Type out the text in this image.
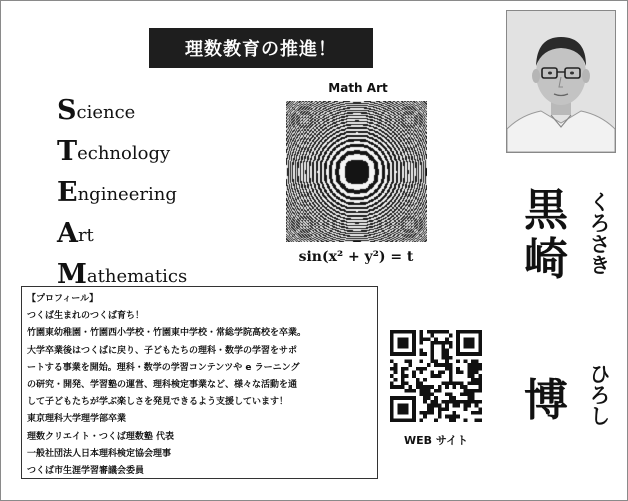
理数教育の推進！
S cience
T echnology
E ngineering
A rt
M athematics
Math Art
sin(x² + y²) = t
黒
崎
博
くろさき
ひろし
【プロフィール】
つくば生まれのつくば育ち！
竹園東幼稚園・竹園西小学校・竹園東中学校・常総学院高校を卒業。
大学卒業後はつくばに戻り、子どもたちの理科・数学の学習をサポ
ートする事業を開始。理科・数学の学習コンテンツや e ラーニング
の研究・開発、学習塾の運営、理科検定事業など、様々な活動を通
して子どもたちが学ぶ楽しさを発見できるよう支援しています！
東京理科大学理学部卒業
理数クリエイト・つくば理数塾 代表
一般社団法人日本理科検定協会理事
つくば市生涯学習審議会委員
WEB サイト
